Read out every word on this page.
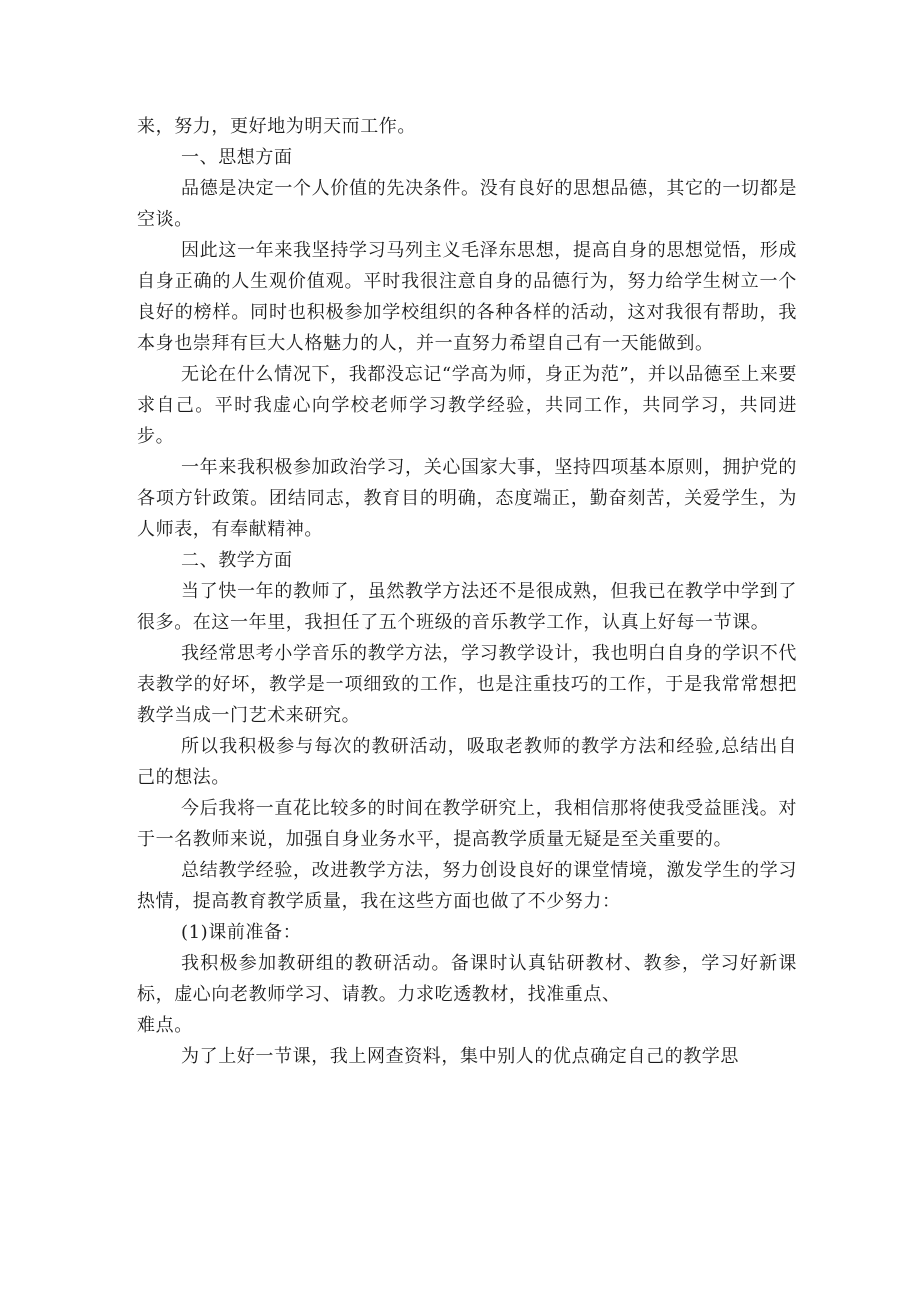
来，努力，更好地为明天而工作。

一、思想方面

品德是决定一个人价值的先决条件。没有良好的思想品德，其它的一切都是空谈。

因此这一年来我坚持学习马列主义毛泽东思想，提高自身的思想觉悟，形成自身正确的人生观价值观。平时我很注意自身的品德行为，努力给学生树立一个良好的榜样。同时也积极参加学校组织的各种各样的活动，这对我很有帮助，我本身也崇拜有巨大人格魅力的人，并一直努力希望自己有一天能做到。

无论在什么情况下，我都没忘记“学高为师，身正为范”，并以品德至上来要求自己。平时我虚心向学校老师学习教学经验，共同工作，共同学习，共同进步。

一年来我积极参加政治学习，关心国家大事，坚持四项基本原则，拥护党的各项方针政策。团结同志，教育目的明确，态度端正，勤奋刻苦，关爱学生，为人师表，有奉献精神。

二、教学方面

当了快一年的教师了，虽然教学方法还不是很成熟，但我已在教学中学到了很多。在这一年里，我担任了五个班级的音乐教学工作，认真上好每一节课。

我经常思考小学音乐的教学方法，学习教学设计，我也明白自身的学识不代表教学的好坏，教学是一项细致的工作，也是注重技巧的工作，于是我常常想把教学当成一门艺术来研究。

所以我积极参与每次的教研活动，吸取老教师的教学方法和经验,总结出自己的想法。

今后我将一直花比较多的时间在教学研究上，我相信那将使我受益匪浅。对于一名教师来说，加强自身业务水平，提高教学质量无疑是至关重要的。

总结教学经验，改进教学方法，努力创设良好的课堂情境，激发学生的学习热情，提高教育教学质量，我在这些方面也做了不少努力：

(1)课前准备：

我积极参加教研组的教研活动。备课时认真钻研教材、教参，学习好新课标，虚心向老教师学习、请教。力求吃透教材，找准重点、

难点。

为了上好一节课，我上网查资料，集中别人的优点确定自己的教学思
